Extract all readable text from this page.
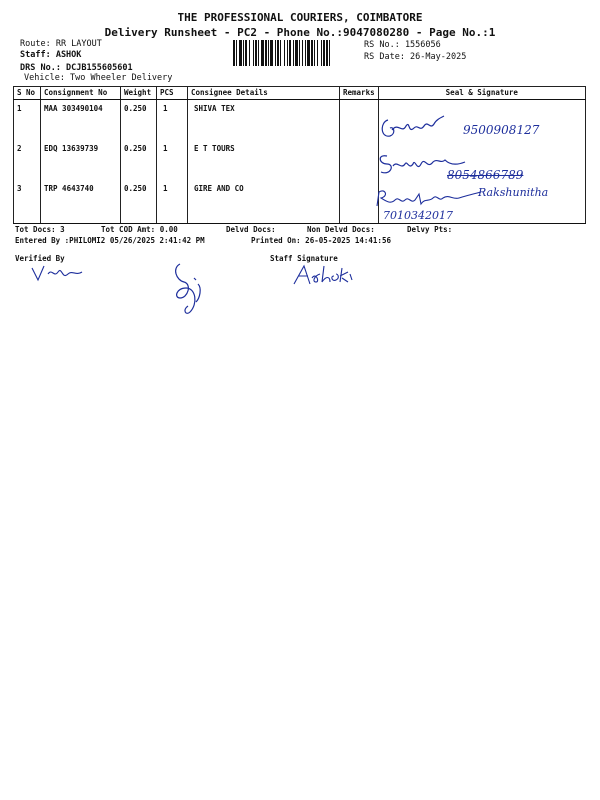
THE PROFESSIONAL COURIERS, COIMBATORE
Delivery Runsheet - PC2 - Phone No.:9047080280 - Page No.:1
Route: RR LAYOUT
Staff: ASHOK
DRS No.: DCJB155605601
Vehicle: Two Wheeler Delivery
RS No.: 1556056
RS Date: 26-May-2025
S No	Consignment No	Weight	PCS	Consignee Details	Remarks	Seal & Signature
1	MAA 303490104	0.250	1	SHIVA TEX		
2	EDQ 13639739	0.250	1	E T TOURS		
3	TRP 4643740	0.250	1	GIRE AND CO		
9500908127
8054866789
Rakshunitha
7010342017
Tot Docs: 3	Tot COD Amt: 0.00	Delvd Docs:	Non Delvd Docs:	Delvy Pts:
Entered By :PHILOMI2 05/26/2025 2:41:42 PM	Printed On: 26-05-2025 14:41:56
Verified By	Staff Signature
